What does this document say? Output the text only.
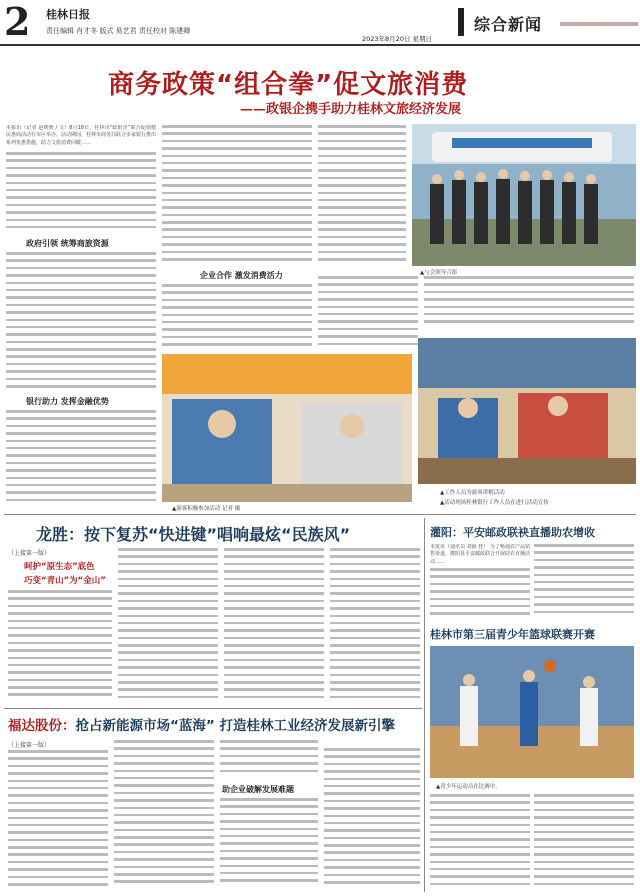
2 桂林日报
责任编辑 肖才冬 版式 易艺君 责任校对 陈建卿
2023年8月20日 星期日
综合新闻
商务政策“组合拳”促文旅消费
——政银企携手助力桂林文旅经济发展
本报讯（记者 赵媛媛 / 文）8月18日，桂林市“政银企”联合促销便民惠商活动在市区举办。活动期间，桂林市商务局联合多家银行推出系列优惠措施，助力文旅消费回暖……
政府引领 统筹商旅资源
银行助力 发挥金融优势
企业合作 激发消费活力	▲与会领导合影
▲工作人员为游客讲解活动
▲活动现场桂林银行工作人员在进行活动宣传
▲游客积极参加活动 记者 摄
龙胜：按下复苏“快进键”唱响最炫“民族风”
（上接第一版）
呵护“原生态”底色
巧变“青山”为“金山”
灌阳：平安邮政联袂直播助农增收
本报讯（通讯员 刘丽 桂） 为了畅通农产品销售渠道，灌阳县平安邮政联合开展助农直播活动……
桂林市第三届青少年篮球联赛开赛
▲青少年运动员在比赛中。
福达股份：抢占新能源市场“蓝海” 打造桂林工业经济发展新引擎
（上接第一版）
助企业破解发展难题
